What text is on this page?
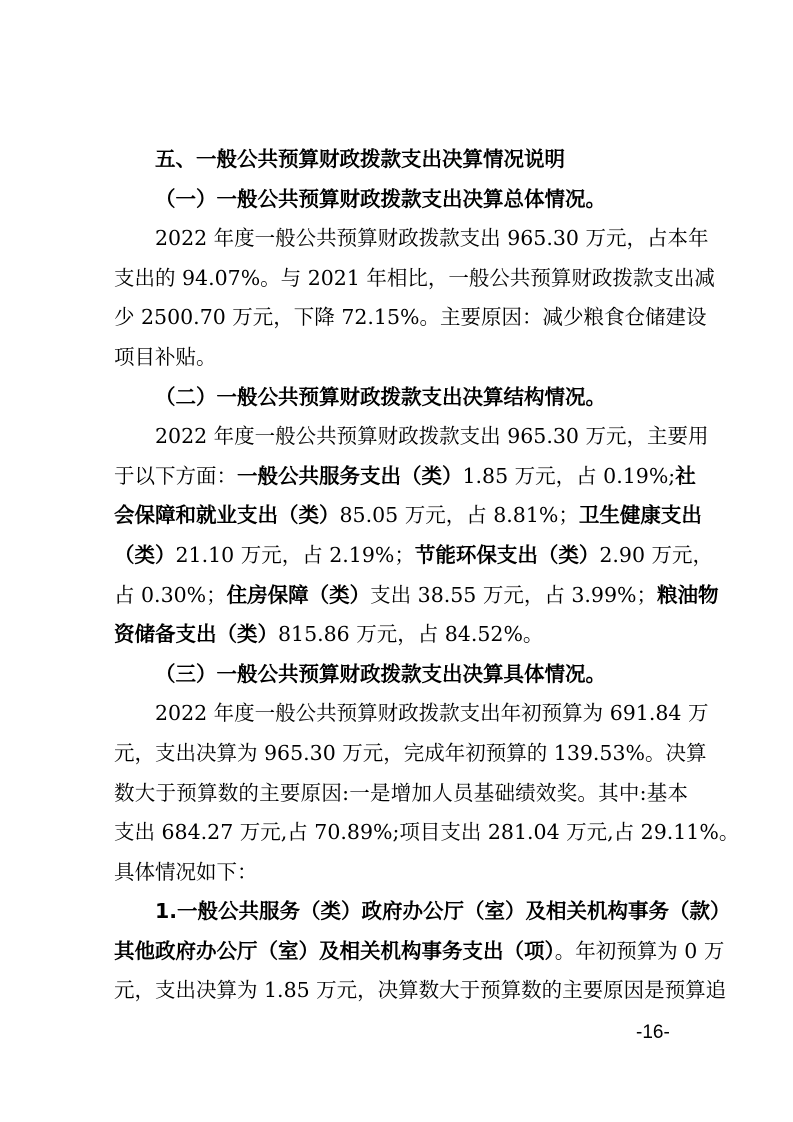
五、一般公共预算财政拨款支出决算情况说明
（一）一般公共预算财政拨款支出决算总体情况。
2022 年度一般公共预算财政拨款支出 965.30 万元，占本年
支出的 94.07%。与 2021 年相比，一般公共预算财政拨款支出减
少 2500.70 万元，下降 72.15%。主要原因：减少粮食仓储建设
项目补贴。
（二）一般公共预算财政拨款支出决算结构情况。
2022 年度一般公共预算财政拨款支出 965.30 万元，主要用
于以下方面：一般公共服务支出（类）1.85 万元，占 0.19%;社
会保障和就业支出（类）85.05 万元，占 8.81%；卫生健康支出
（类）21.10 万元，占 2.19%；节能环保支出（类）2.90 万元，
占 0.30%；住房保障（类）支出 38.55 万元，占 3.99%；粮油物
资储备支出（类）815.86 万元，占 84.52%。
（三）一般公共预算财政拨款支出决算具体情况。
2022 年度一般公共预算财政拨款支出年初预算为 691.84 万
元，支出决算为 965.30 万元，完成年初预算的 139.53%。决算
数大于预算数的主要原因:一是增加人员基础绩效奖。其中:基本
支出 684.27 万元,占 70.89%;项目支出 281.04 万元,占 29.11%。
具体情况如下：
1.一般公共服务（类）政府办公厅（室）及相关机构事务（款）
其他政府办公厅（室）及相关机构事务支出（项）。年初预算为 0 万
元，支出决算为 1.85 万元，决算数大于预算数的主要原因是预算追
-16-
